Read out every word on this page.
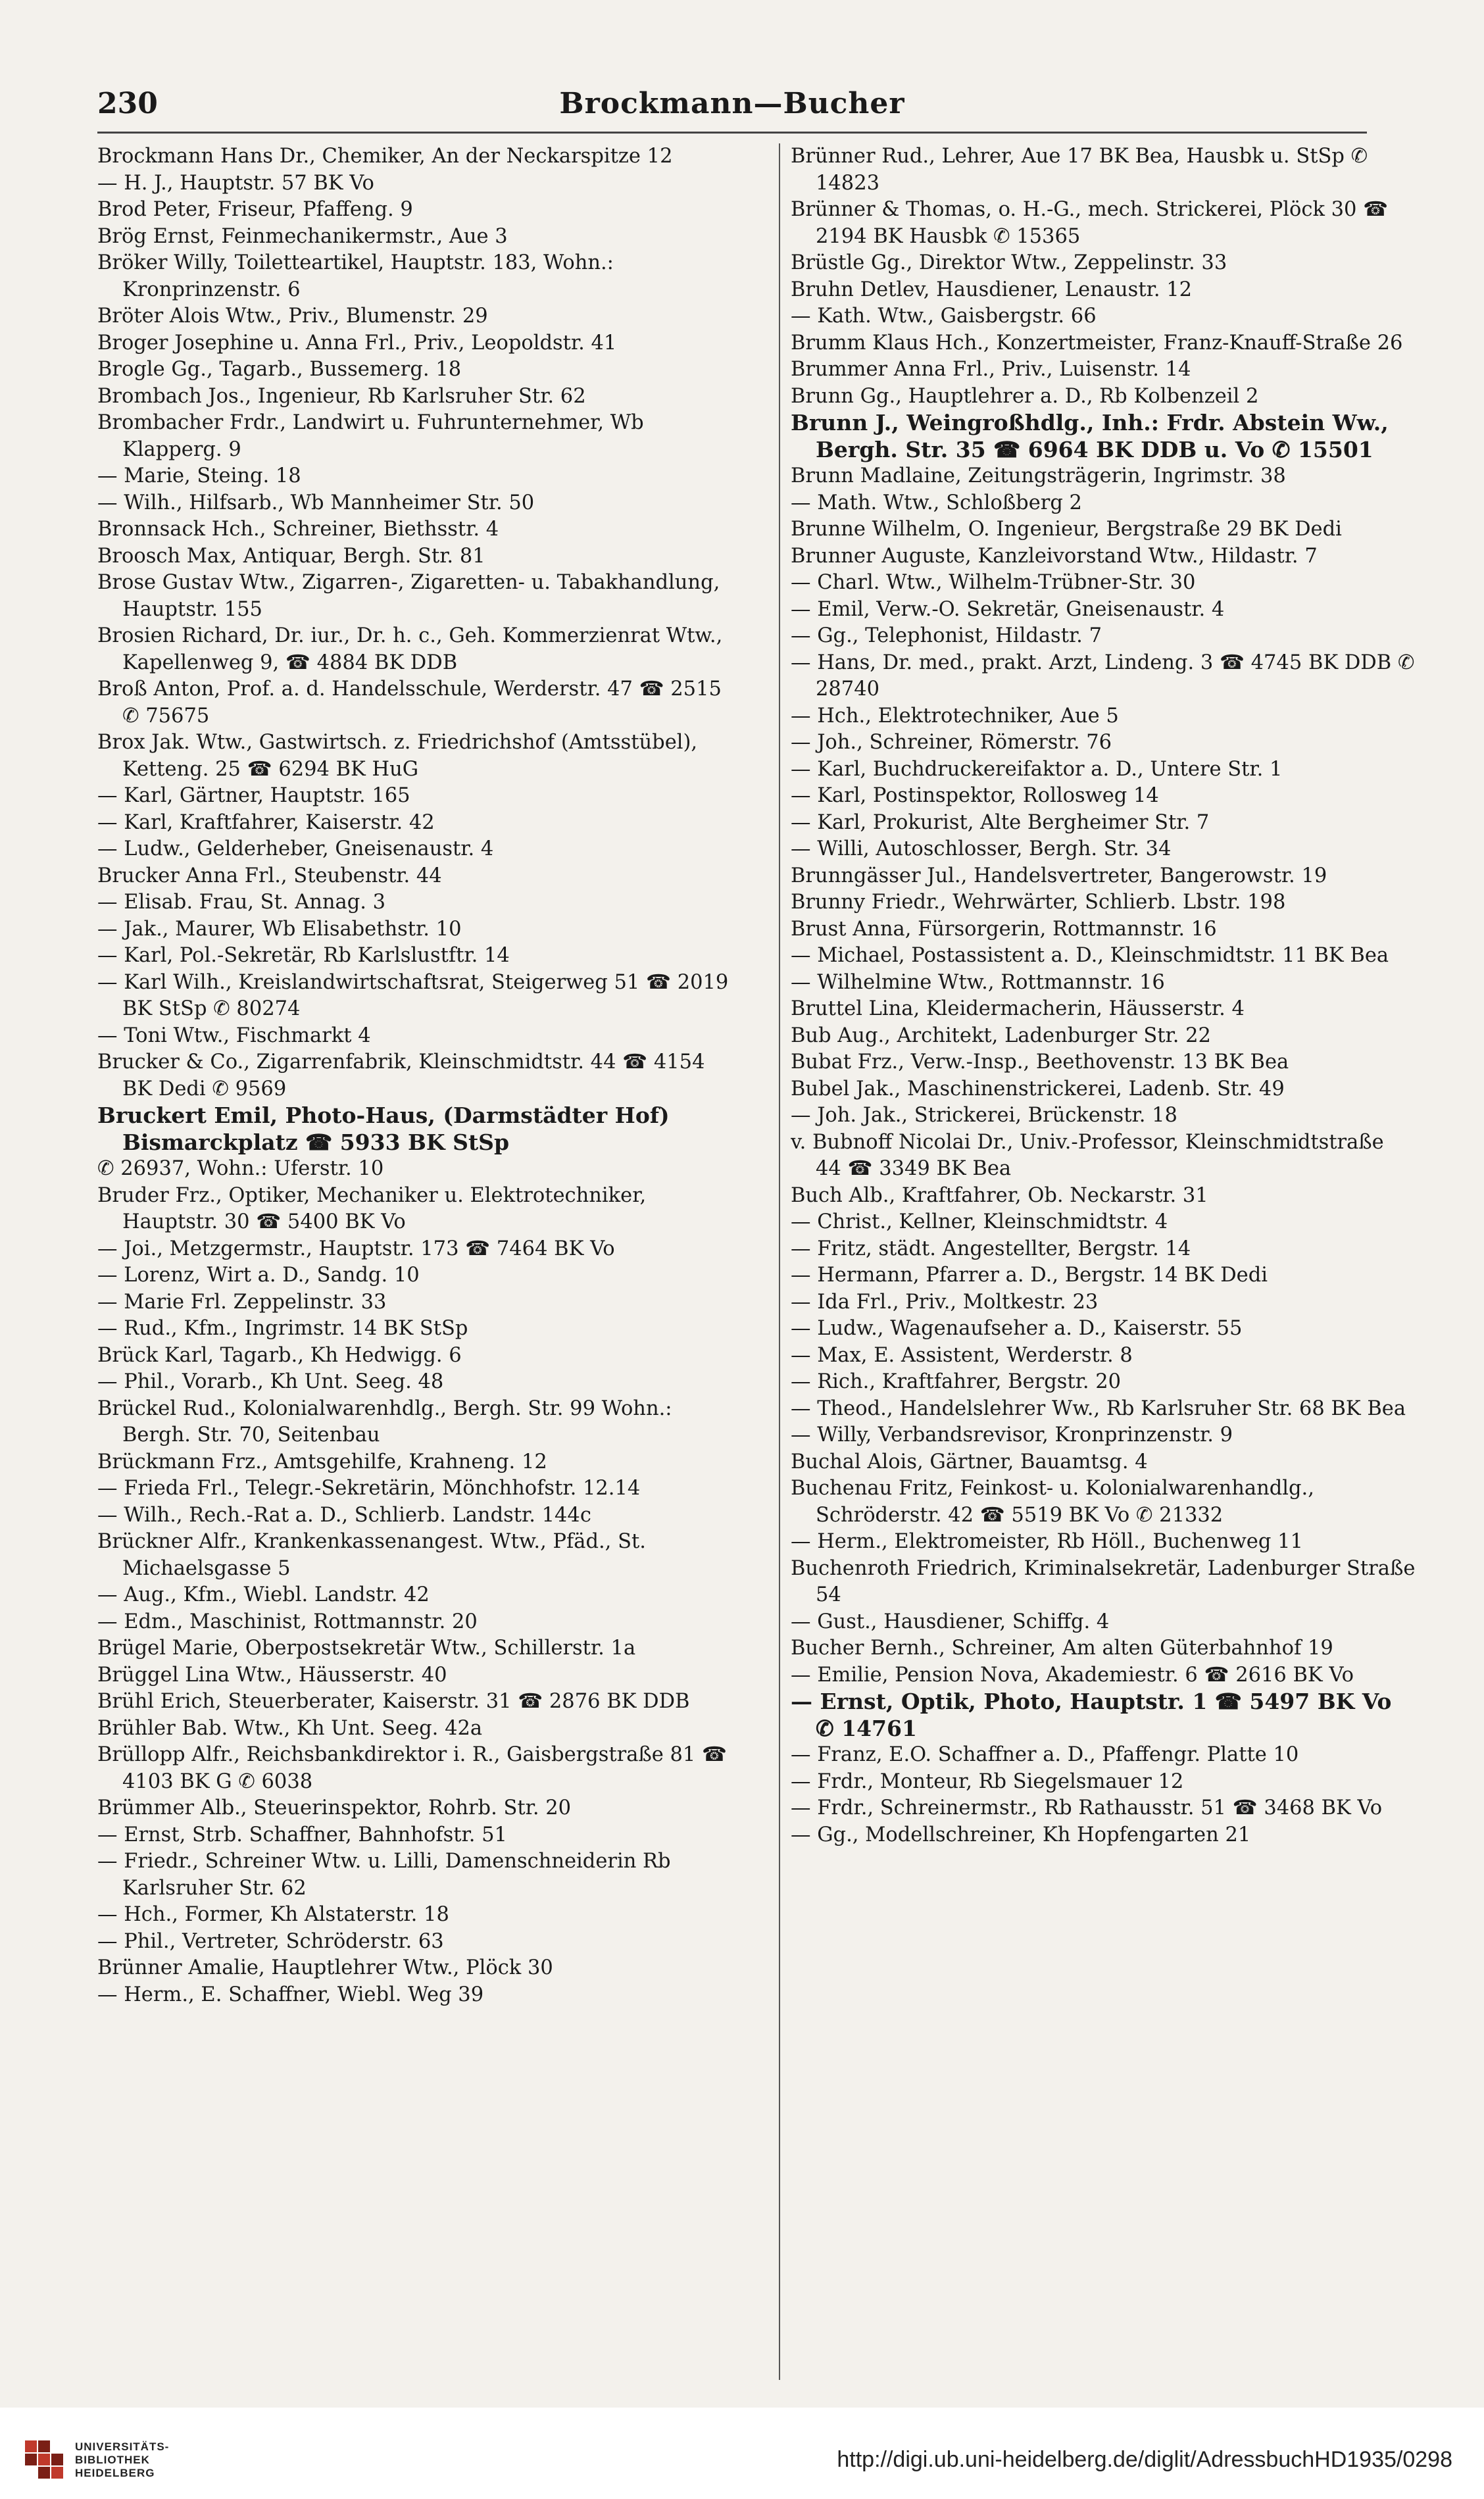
230	Brockmann—Bucher
Brockmann Hans Dr., Chemiker, An der Neckarspitze 12
— H. J., Hauptstr. 57 BK Vo
Brod Peter, Friseur, Pfaffeng. 9
Brög Ernst, Feinmechanikermstr., Aue 3
Bröker Willy, Toiletteartikel, Hauptstr. 183, Wohn.: Kronprinzenstr. 6
Bröter Alois Wtw., Priv., Blumenstr. 29
Broger Josephine u. Anna Frl., Priv., Leopoldstr. 41
Brogle Gg., Tagarb., Bussemerg. 18
Brombach Jos., Ingenieur, Rb Karlsruher Str. 62
Brombacher Frdr., Landwirt u. Fuhrunternehmer, Wb Klapperg. 9
— Marie, Steing. 18
— Wilh., Hilfsarb., Wb Mannheimer Str. 50
Bronnsack Hch., Schreiner, Biethsstr. 4
Broosch Max, Antiquar, Bergh. Str. 81
Brose Gustav Wtw., Zigarren-, Zigaretten- u. Tabakhandlung, Hauptstr. 155
Brosien Richard, Dr. iur., Dr. h. c., Geh. Kommerzienrat Wtw., Kapellenweg 9, ☎ 4884 BK DDB
Broß Anton, Prof. a. d. Handelsschule, Werderstr. 47 ☎ 2515 ✆ 75675
Brox Jak. Wtw., Gastwirtsch. z. Friedrichshof (Amtsstübel), Ketteng. 25 ☎ 6294 BK HuG
— Karl, Gärtner, Hauptstr. 165
— Karl, Kraftfahrer, Kaiserstr. 42
— Ludw., Gelderheber, Gneisenaustr. 4
Brucker Anna Frl., Steubenstr. 44
— Elisab. Frau, St. Annag. 3
— Jak., Maurer, Wb Elisabethstr. 10
— Karl, Pol.-Sekretär, Rb Karlslustftr. 14
— Karl Wilh., Kreislandwirtschaftsrat, Steigerweg 51 ☎ 2019 BK StSp ✆ 80274
— Toni Wtw., Fischmarkt 4
Brucker & Co., Zigarrenfabrik, Kleinschmidtstr. 44 ☎ 4154 BK Dedi ✆ 9569
Bruckert Emil, Photo-Haus, (Darmstädter Hof) Bismarckplatz ☎ 5933 BK StSp
✆ 26937, Wohn.: Uferstr. 10
Bruder Frz., Optiker, Mechaniker u. Elektrotechniker, Hauptstr. 30 ☎ 5400 BK Vo
— Joi., Metzgermstr., Hauptstr. 173 ☎ 7464 BK Vo
— Lorenz, Wirt a. D., Sandg. 10
— Marie Frl. Zeppelinstr. 33
— Rud., Kfm., Ingrimstr. 14 BK StSp
Brück Karl, Tagarb., Kh Hedwigg. 6
— Phil., Vorarb., Kh Unt. Seeg. 48
Brückel Rud., Kolonialwarenhdlg., Bergh. Str. 99 Wohn.: Bergh. Str. 70, Seitenbau
Brückmann Frz., Amtsgehilfe, Krahneng. 12
— Frieda Frl., Telegr.-Sekretärin, Mönchhofstr. 12.14
— Wilh., Rech.-Rat a. D., Schlierb. Landstr. 144c
Brückner Alfr., Krankenkassenangest. Wtw., Pfäd., St. Michaelsgasse 5
— Aug., Kfm., Wiebl. Landstr. 42
— Edm., Maschinist, Rottmannstr. 20
Brügel Marie, Oberpostsekretär Wtw., Schillerstr. 1a
Brüggel Lina Wtw., Häusserstr. 40
Brühl Erich, Steuerberater, Kaiserstr. 31 ☎ 2876 BK DDB
Brühler Bab. Wtw., Kh Unt. Seeg. 42a
Brüllopp Alfr., Reichsbankdirektor i. R., Gaisbergstraße 81 ☎ 4103 BK G ✆ 6038
Brümmer Alb., Steuerinspektor, Rohrb. Str. 20
— Ernst, Strb. Schaffner, Bahnhofstr. 51
— Friedr., Schreiner Wtw. u. Lilli, Damenschneiderin Rb Karlsruher Str. 62
— Hch., Former, Kh Alstaterstr. 18
— Phil., Vertreter, Schröderstr. 63
Brünner Amalie, Hauptlehrer Wtw., Plöck 30
— Herm., E. Schaffner, Wiebl. Weg 39
Brünner Rud., Lehrer, Aue 17 BK Bea, Hausbk u. StSp ✆ 14823
Brünner & Thomas, o. H.-G., mech. Strickerei, Plöck 30 ☎ 2194 BK Hausbk ✆ 15365
Brüstle Gg., Direktor Wtw., Zeppelinstr. 33
Bruhn Detlev, Hausdiener, Lenaustr. 12
— Kath. Wtw., Gaisbergstr. 66
Brumm Klaus Hch., Konzertmeister, Franz-Knauff-Straße 26
Brummer Anna Frl., Priv., Luisenstr. 14
Brunn Gg., Hauptlehrer a. D., Rb Kolbenzeil 2
Brunn J., Weingroßhdlg., Inh.: Frdr. Abstein Ww., Bergh. Str. 35 ☎ 6964 BK DDB u. Vo ✆ 15501
Brunn Madlaine, Zeitungsträgerin, Ingrimstr. 38
— Math. Wtw., Schloßberg 2
Brunne Wilhelm, O. Ingenieur, Bergstraße 29 BK Dedi
Brunner Auguste, Kanzleivorstand Wtw., Hildastr. 7
— Charl. Wtw., Wilhelm-Trübner-Str. 30
— Emil, Verw.-O. Sekretär, Gneisenaustr. 4
— Gg., Telephonist, Hildastr. 7
— Hans, Dr. med., prakt. Arzt, Lindeng. 3 ☎ 4745 BK DDB ✆ 28740
— Hch., Elektrotechniker, Aue 5
— Joh., Schreiner, Römerstr. 76
— Karl, Buchdruckereifaktor a. D., Untere Str. 1
— Karl, Postinspektor, Rollosweg 14
— Karl, Prokurist, Alte Bergheimer Str. 7
— Willi, Autoschlosser, Bergh. Str. 34
Brunngässer Jul., Handelsvertreter, Bangerowstr. 19
Brunny Friedr., Wehrwärter, Schlierb. Lbstr. 198
Brust Anna, Fürsorgerin, Rottmannstr. 16
— Michael, Postassistent a. D., Kleinschmidtstr. 11 BK Bea
— Wilhelmine Wtw., Rottmannstr. 16
Bruttel Lina, Kleidermacherin, Häusserstr. 4
Bub Aug., Architekt, Ladenburger Str. 22
Bubat Frz., Verw.-Insp., Beethovenstr. 13 BK Bea
Bubel Jak., Maschinenstrickerei, Ladenb. Str. 49
— Joh. Jak., Strickerei, Brückenstr. 18
v. Bubnoff Nicolai Dr., Univ.-Professor, Kleinschmidtstraße 44 ☎ 3349 BK Bea
Buch Alb., Kraftfahrer, Ob. Neckarstr. 31
— Christ., Kellner, Kleinschmidtstr. 4
— Fritz, städt. Angestellter, Bergstr. 14
— Hermann, Pfarrer a. D., Bergstr. 14 BK Dedi
— Ida Frl., Priv., Moltkestr. 23
— Ludw., Wagenaufseher a. D., Kaiserstr. 55
— Max, E. Assistent, Werderstr. 8
— Rich., Kraftfahrer, Bergstr. 20
— Theod., Handelslehrer Ww., Rb Karlsruher Str. 68 BK Bea
— Willy, Verbandsrevisor, Kronprinzenstr. 9
Buchal Alois, Gärtner, Bauamtsg. 4
Buchenau Fritz, Feinkost- u. Kolonialwarenhandlg., Schröderstr. 42 ☎ 5519 BK Vo ✆ 21332
— Herm., Elektromeister, Rb Höll., Buchenweg 11
Buchenroth Friedrich, Kriminalsekretär, Ladenburger Straße 54
— Gust., Hausdiener, Schiffg. 4
Bucher Bernh., Schreiner, Am alten Güterbahnhof 19
— Emilie, Pension Nova, Akademiestr. 6 ☎ 2616 BK Vo
— Ernst, Optik, Photo, Hauptstr. 1 ☎ 5497 BK Vo ✆ 14761
— Franz, E.O. Schaffner a. D., Pfaffengr. Platte 10
— Frdr., Monteur, Rb Siegelsmauer 12
— Frdr., Schreinermstr., Rb Rathausstr. 51 ☎ 3468 BK Vo
— Gg., Modellschreiner, Kh Hopfengarten 21
UNIVERSITÄTS-
BIBLIOTHEK
HEIDELBERG
http://digi.ub.uni-heidelberg.de/diglit/AdressbuchHD1935/0298
